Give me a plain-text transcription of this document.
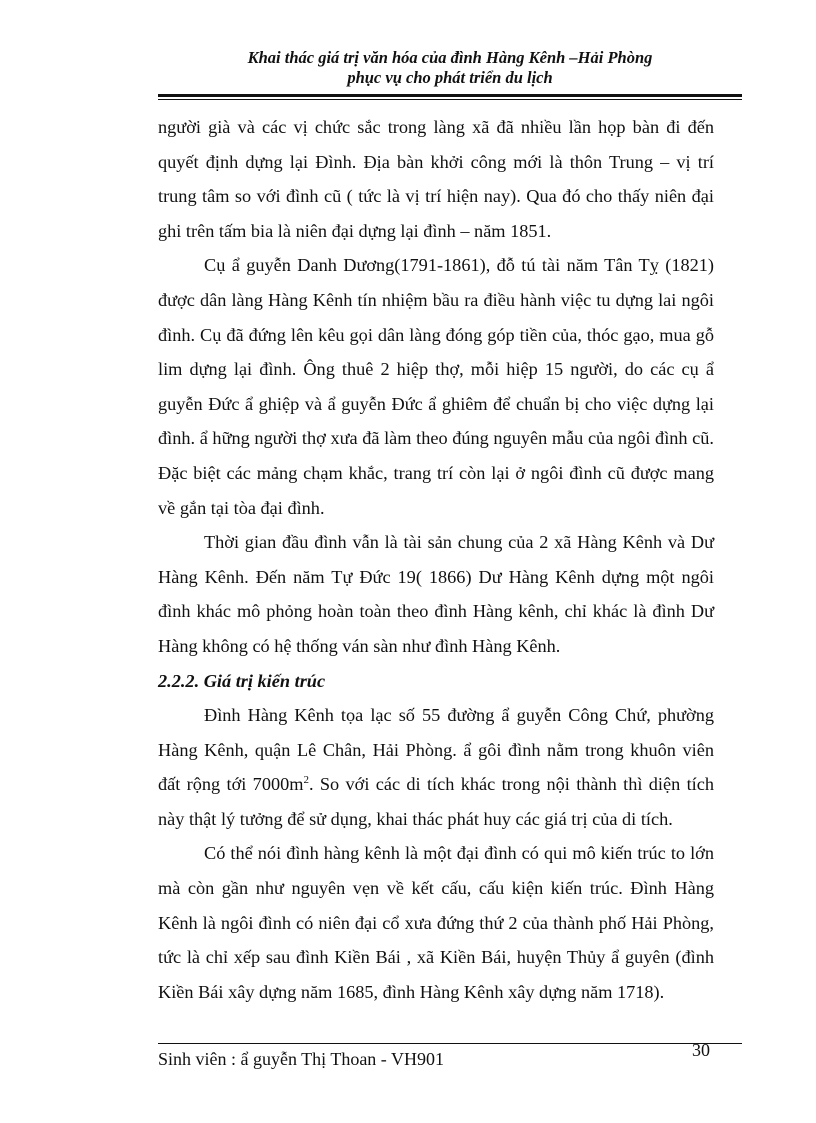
Khai thác giá trị văn hóa của đình Hàng Kênh –Hải Phòng
phục vụ cho phát triển du lịch

người già và các vị chức sắc trong làng xã đã nhiều lần họp bàn đi đến quyết định dựng lại Đình. Địa bàn khởi công mới là thôn Trung – vị trí trung tâm so với đình cũ ( tức là vị trí hiện nay). Qua đó cho thấy niên đại ghi trên tấm bia là niên đại dựng lại đình – năm 1851.

Cụ ẩ guyễn Danh Dương(1791-1861), đỗ tú tài năm Tân Tỵ (1821) được dân làng Hàng Kênh tín nhiệm bầu ra điều hành việc tu dựng lai ngôi đình. Cụ đã đứng lên kêu gọi dân làng đóng góp tiền của, thóc gạo, mua gỗ lim dựng lại đình. Ông thuê 2 hiệp thợ, mỗi hiệp 15 người, do các cụ ẩ guyễn Đức ẩ ghiệp và ẩ guyễn Đức ẩ ghiêm để chuẩn bị cho việc dựng lại đình. ẩ hững người thợ xưa đã làm theo đúng nguyên mẫu của ngôi đình cũ. Đặc biệt các mảng chạm khắc, trang trí còn lại ở ngôi đình cũ được mang về gắn tại tòa đại đình.

Thời gian đầu đình vẫn là tài sản chung của 2 xã Hàng Kênh và Dư Hàng Kênh. Đến năm Tự Đức 19( 1866) Dư Hàng Kênh dựng một ngôi đình khác mô phỏng hoàn toàn theo đình Hàng kênh, chỉ khác là đình Dư Hàng không có hệ thống ván sàn như đình Hàng Kênh.

2.2.2. Giá trị kiến trúc

Đình Hàng Kênh tọa lạc số 55 đường ẩ guyễn Công Chứ, phường Hàng Kênh, quận Lê Chân, Hải Phòng. ẩ gôi đình nằm trong khuôn viên đất rộng tới $7000m^2$. So với các di tích khác trong nội thành thì diện tích này thật lý tưởng để sử dụng, khai thác phát huy các giá trị của di tích.

Có thể nói đình hàng kênh là một đại đình có qui mô kiến trúc to lớn mà còn gần như nguyên vẹn về kết cấu, cấu kiện kiến trúc. Đình Hàng Kênh là ngôi đình có niên đại cổ xưa đứng thứ 2 của thành phố Hải Phòng, tức là chỉ xếp sau đình Kiền Bái , xã Kiền Bái, huyện Thủy ẩ guyên (đình Kiền Bái xây dựng năm 1685, đình Hàng Kênh xây dựng năm 1718).

Sinh viên : ẩ guyễn Thị Thoan - VH901	30
